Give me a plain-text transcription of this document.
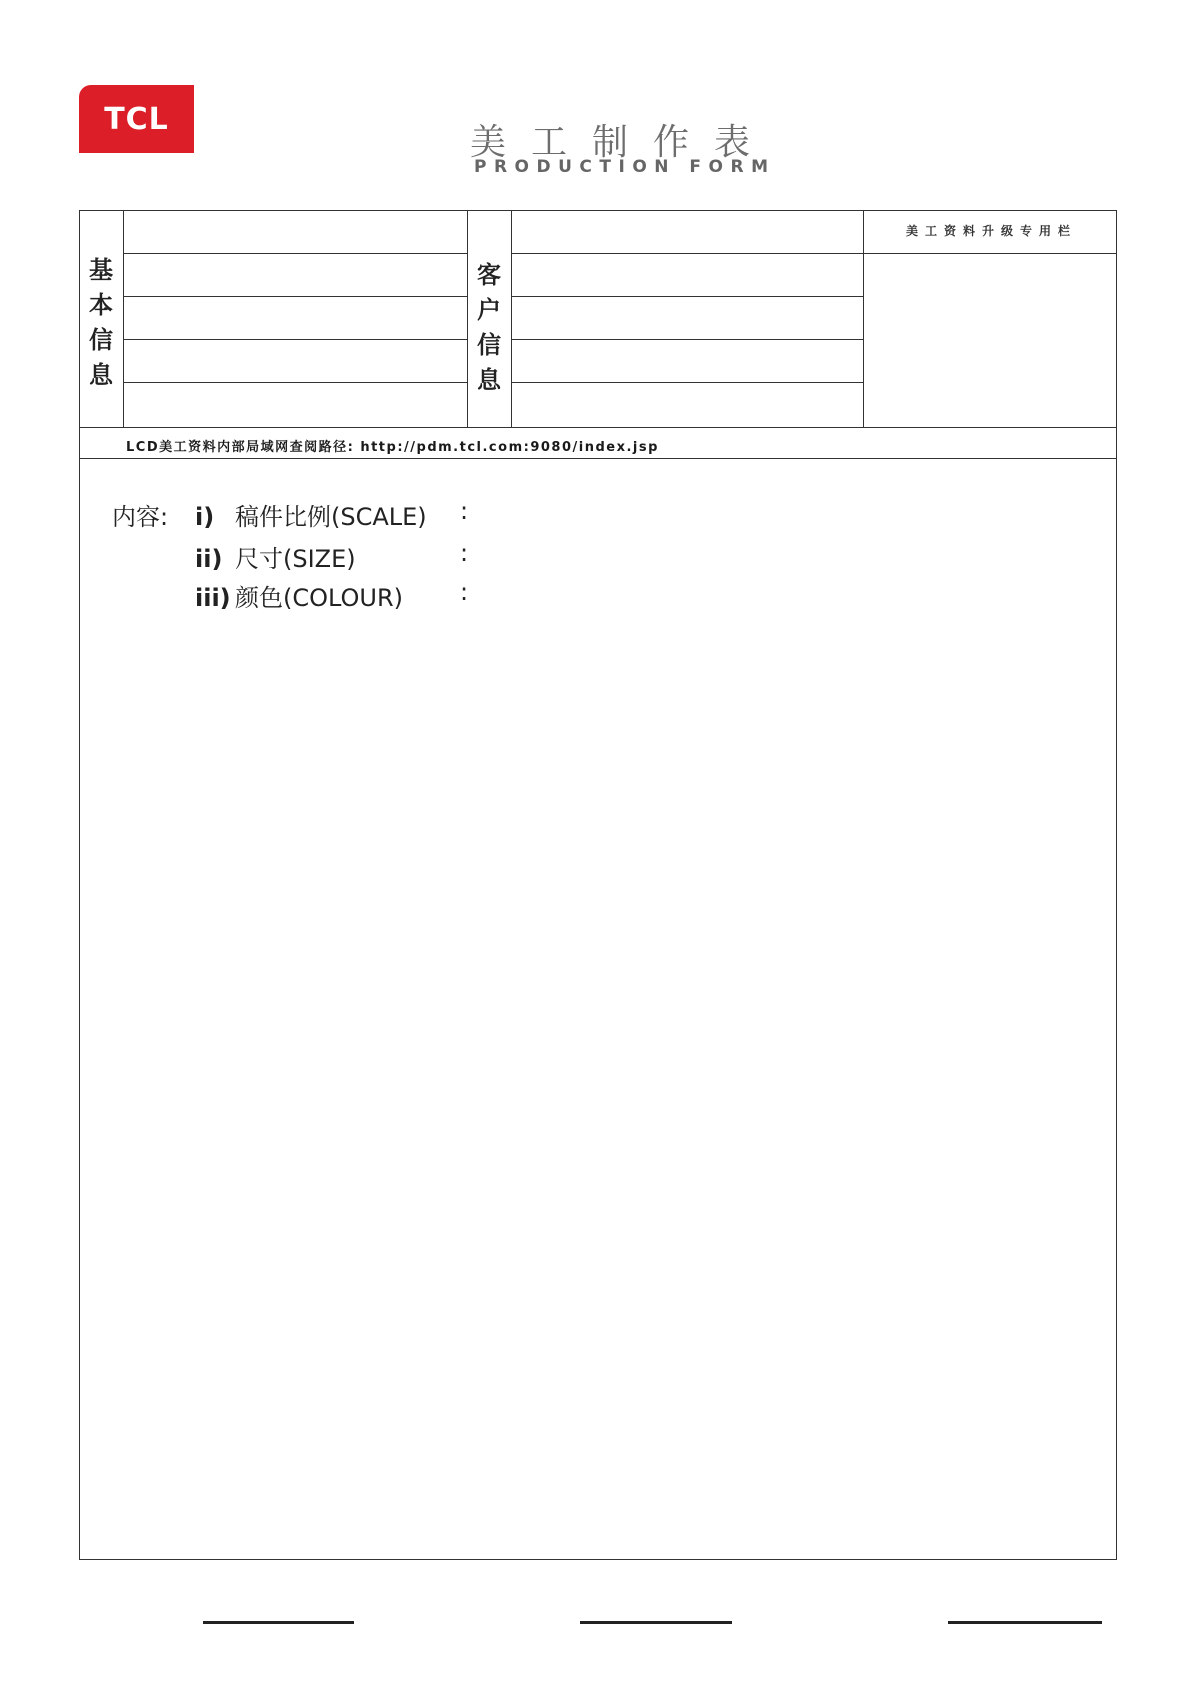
TCL
美工制作表
PRODUCTION FORM
基
本
信
息
客
户
信
息
美工资料升级专用栏
LCD美工资料内部局域网查阅路径: http://pdm.tcl.com:9080/index.jsp
内容: i) 稿件比例(SCALE) :
ii) 尺寸(SIZE)	:
iii) 颜色(COLOUR) :
